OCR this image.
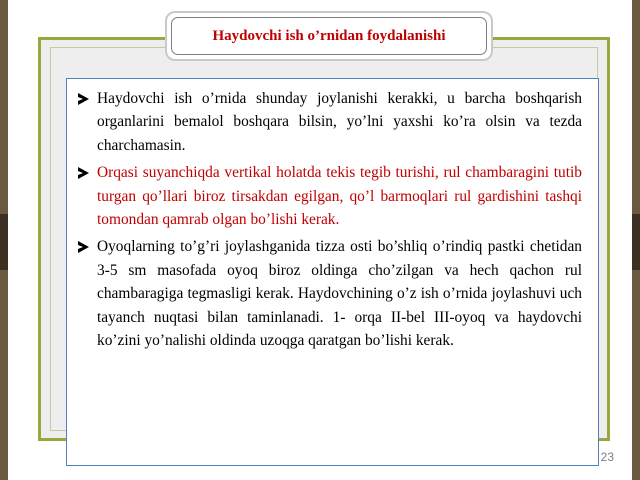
Haydovchi ish o’rnidan foydalanishi
Haydovchi ish o’rnida shunday joylanishi kerakki, u barcha boshqarish organlarini bemalol boshqara bilsin, yo’lni yaxshi ko’ra olsin va tezda charchamasin.
Orqasi suyanchiqda vertikal holatda tekis tegib turishi, rul chambaragini tutib turgan qo’llari biroz tirsakdan egilgan, qo’l barmoqlari rul gardishini tashqi tomondan qamrab olgan bo’lishi kerak.
Oyoqlarning to’g’ri joylashganida tizza osti bo’shliq o’rindiq pastki chetidan 3-5 sm masofada oyoq biroz oldinga cho’zilgan va hech qachon rul chambaragiga tegmasligi kerak. Haydovchining o’z ish o’rnida joylashuvi uch tayanch nuqtasi bilan taminlanadi. 1- orqa II-bel III-oyoq va haydovchi ko’zini yo’nalishi oldinda uzoqga qaratgan bo’lishi kerak.
23
